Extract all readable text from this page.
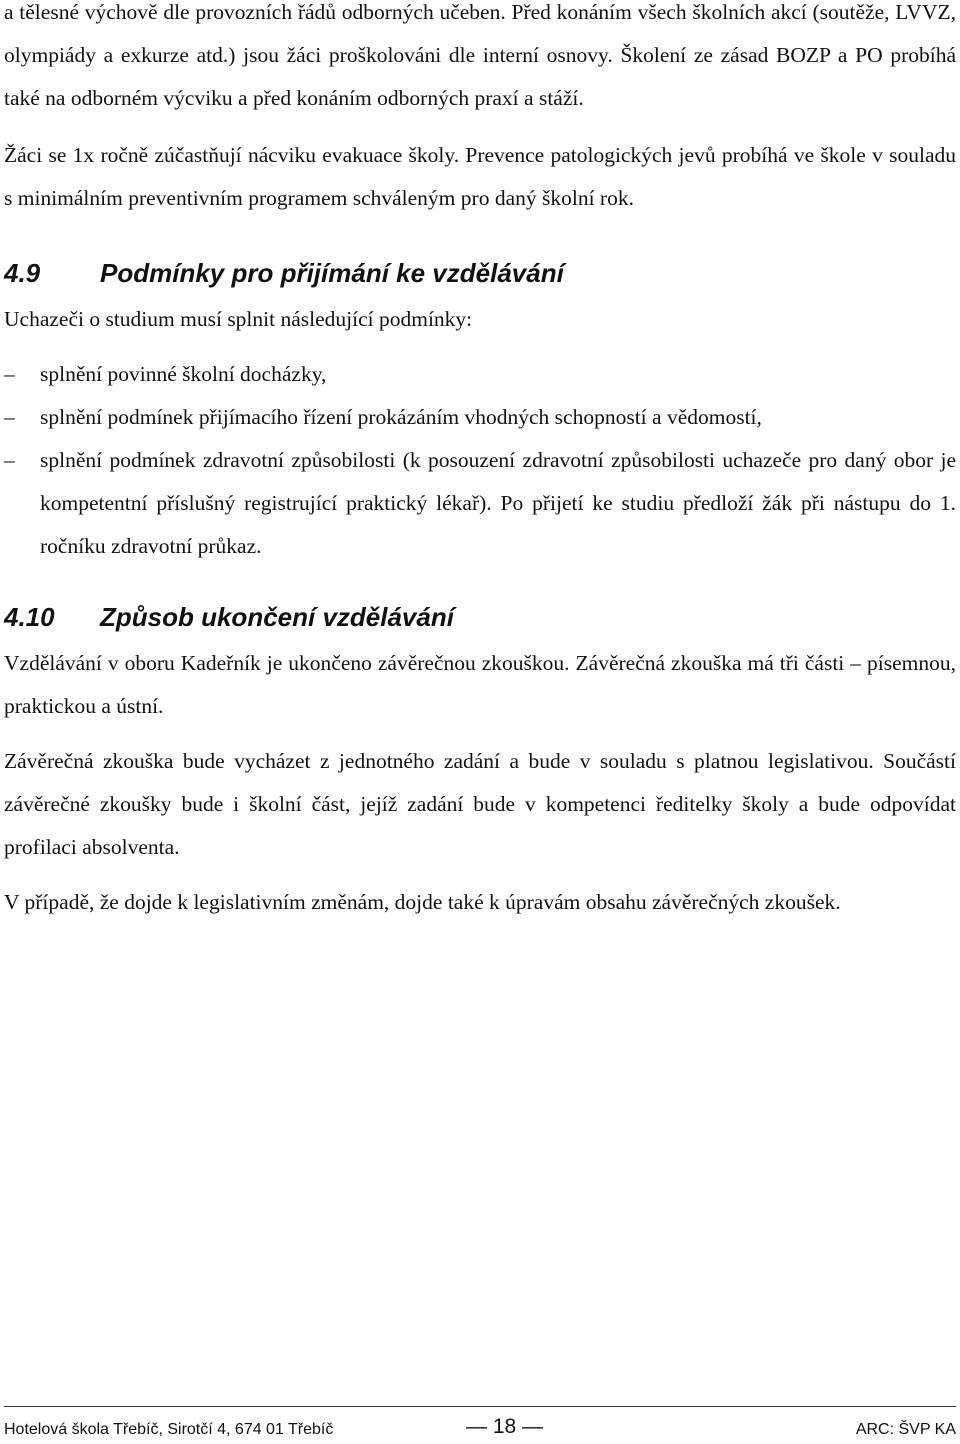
a tělesné výchově dle provozních řádů odborných učeben. Před konáním všech školních akcí (soutěže, LVVZ, olympiády a exkurze atd.) jsou žáci proškolováni dle interní osnovy. Školení ze zásad BOZP a PO probíhá také na odborném výcviku a před konáním odborných praxí a stáží.

Žáci se 1x ročně zúčastňují nácviku evakuace školy. Prevence patologických jevů probíhá ve škole v souladu s minimálním preventivním programem schváleným pro daný školní rok.

4.9	Podmínky pro přijímání ke vzdělávání

Uchazeči o studium musí splnit následující podmínky:

–	splnění povinné školní docházky,
–	splnění podmínek přijímacího řízení prokázáním vhodných schopností a vědomostí,
–	splnění podmínek zdravotní způsobilosti (k posouzení zdravotní způsobilosti uchazeče pro daný obor je kompetentní příslušný registrující praktický lékař). Po přijetí ke studiu předloží žák při nástupu do 1. ročníku zdravotní průkaz.
4.10	Způsob ukončení vzdělávání

Vzdělávání v oboru Kadeřník je ukončeno závěrečnou zkouškou. Závěrečná zkouška má tři části – písemnou, praktickou a ústní.

Závěrečná zkouška bude vycházet z jednotného zadání a bude v souladu s platnou legislativou. Součástí závěrečné zkoušky bude i školní část, jejíž zadání bude v kompetenci ředitelky školy a bude odpovídat profilaci absolventa.

V případě, že dojde k legislativním změnám, dojde také k úpravám obsahu závěrečných zkoušek.

Hotelová škola Třebíč, Sirotčí 4, 674 01 Třebíč	— 18 —	ARC: ŠVP KA
